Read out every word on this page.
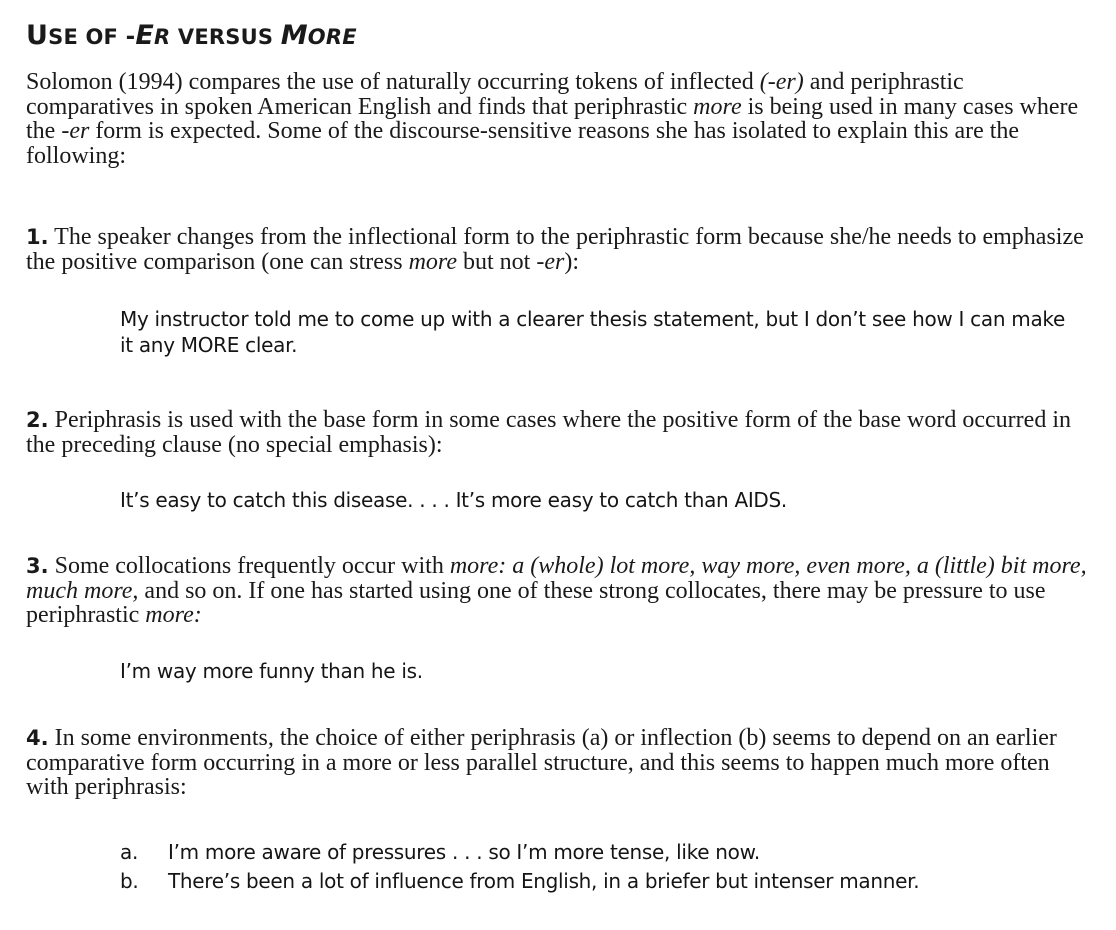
USE OF -ER VERSUS MORE

Solomon (1994) compares the use of naturally occurring tokens of inflected (-er) and periphrastic comparatives in spoken American English and finds that periphrastic more is being used in many cases where the -er form is expected. Some of the discourse-sensitive reasons she has isolated to explain this are the following:

1. The speaker changes from the inflectional form to the periphrastic form because she/he needs to emphasize the positive comparison (one can stress more but not -er):

My instructor told me to come up with a clearer thesis statement, but I don’t see how I can make it any MORE clear.

2. Periphrasis is used with the base form in some cases where the positive form of the base word occurred in the preceding clause (no special emphasis):

It’s easy to catch this disease. . . . It’s more easy to catch than AIDS.

3. Some collocations frequently occur with more: a (whole) lot more, way more, even more, a (little) bit more, much more, and so on. If one has started using one of these strong collocates, there may be pressure to use periphrastic more:

I’m way more funny than he is.

4. In some environments, the choice of either periphrasis (a) or inflection (b) seems to depend on an earlier comparative form occurring in a more or less parallel structure, and this seems to happen much more often with periphrasis:

a. I’m more aware of pressures . . . so I’m more tense, like now.
b. There’s been a lot of influence from English, in a briefer but intenser manner.
